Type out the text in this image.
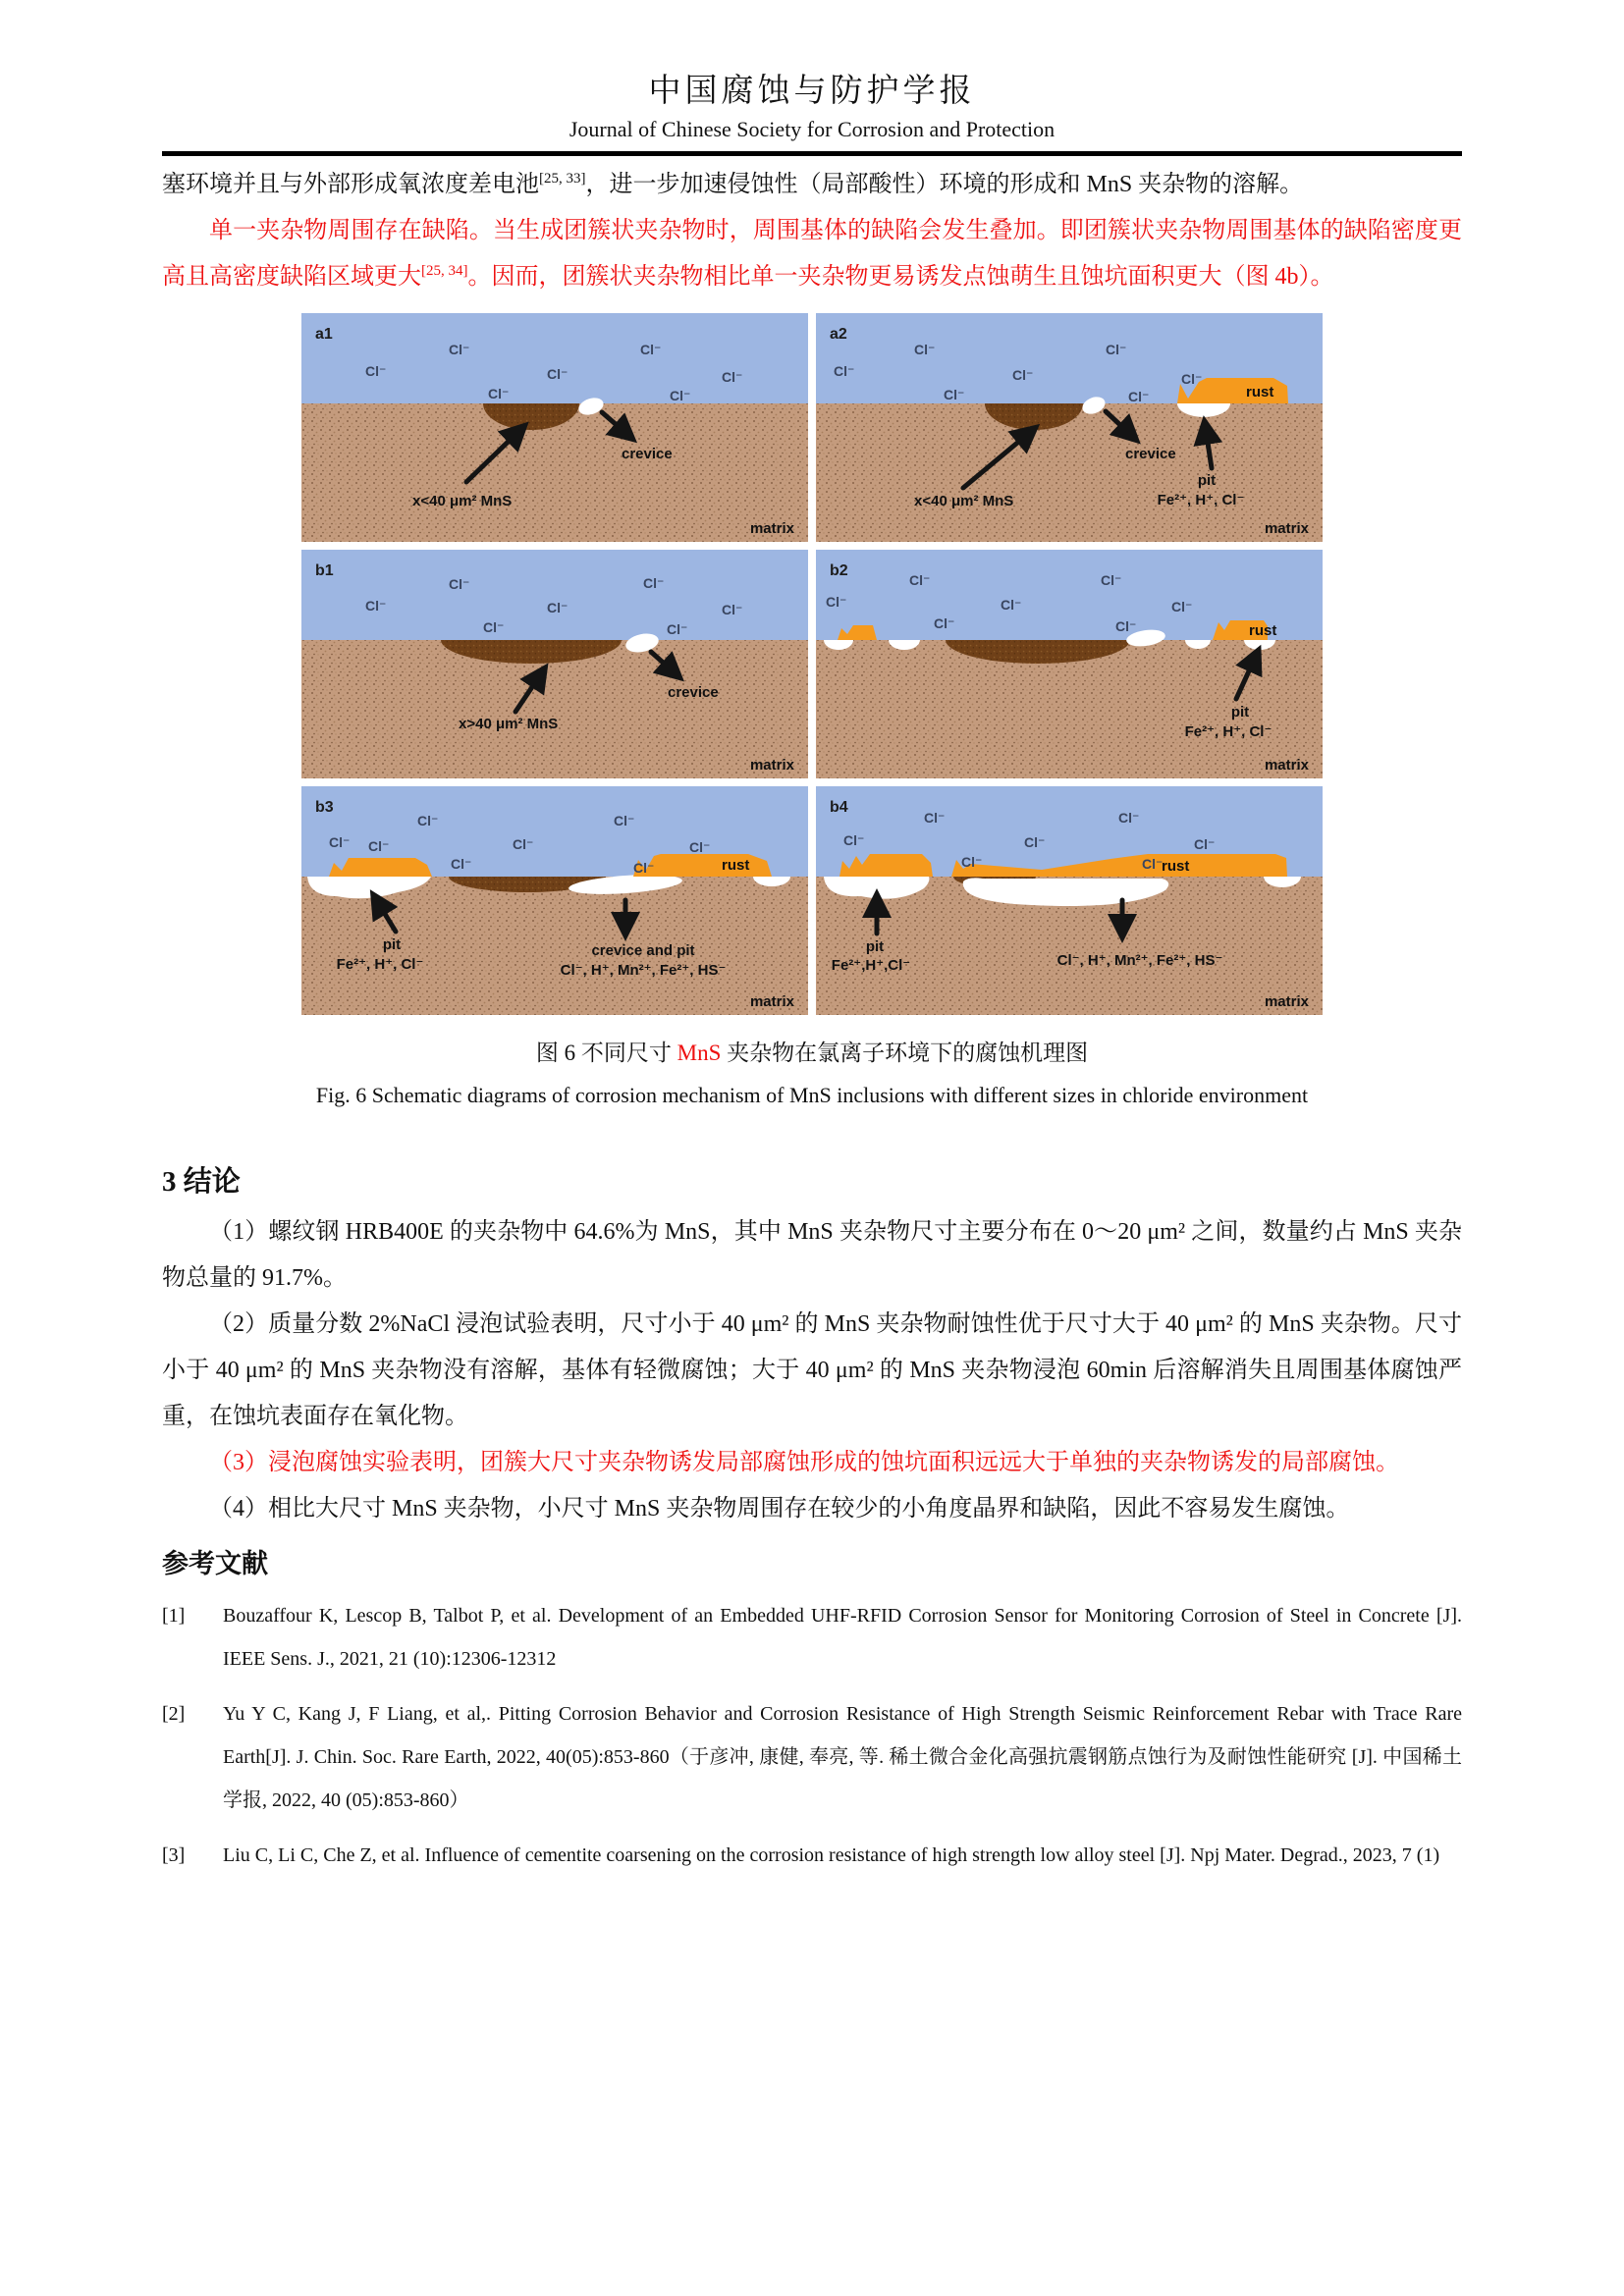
中国腐蚀与防护学报
Journal of Chinese Society for Corrosion and Protection

塞环境并且与外部形成氧浓度差电池[25, 33]，进一步加速侵蚀性（局部酸性）环境的形成和 MnS 夹杂物的溶解。

单一夹杂物周围存在缺陷。当生成团簇状夹杂物时，周围基体的缺陷会发生叠加。即团簇状夹杂物周围基体的缺陷密度更高且高密度缺陷区域更大[25, 34]。因而，团簇状夹杂物相比单一夹杂物更易诱发点蚀萌生且蚀坑面积更大（图 4b）。

a1
Cl⁻
Cl⁻	Cl⁻
Cl⁻
Cl⁻	Cl⁻
Cl⁻
x<40 μm² MnS
crevice
matrix
a2
Cl⁻	Cl⁻
Cl⁻	Cl⁻	Cl⁻
Cl⁻	Cl⁻
x<40 μm² MnS
crevice
rust
pit
Fe²⁺, H⁺, Cl⁻
matrix
b1
Cl⁻	Cl⁻
Cl⁻	Cl⁻	Cl⁻
Cl⁻	Cl⁻
x>40 μm² MnS
crevice
matrix
b2
Cl⁻	Cl⁻
Cl⁻	Cl⁻	Cl⁻
Cl⁻	Cl⁻	rust
pit
Fe²⁺, H⁺, Cl⁻
matrix
b3
Cl⁻	Cl⁻
Cl⁻ Cl⁻	Cl⁻	Cl⁻
Cl⁻	Cl⁻	rust
pit
Fe²⁺, H⁺, Cl⁻
crevice and pit
Cl⁻, H⁺, Mn²⁺, Fe²⁺, HS⁻
matrix
b4
Cl⁻	Cl⁻
Cl⁻	Cl⁻	Cl⁻
Cl⁻	Cl⁻
rust
pit
Fe²⁺,H⁺,Cl⁻	Cl⁻, H⁺, Mn²⁺, Fe²⁺, HS⁻
matrix
图 6 不同尺寸 MnS 夹杂物在氯离子环境下的腐蚀机理图
Fig. 6 Schematic diagrams of corrosion mechanism of MnS inclusions with different sizes in chloride environment
3 结论

（1）螺纹钢 HRB400E 的夹杂物中 64.6%为 MnS，其中 MnS 夹杂物尺寸主要分布在 0～20 μm² 之间，数量约占 MnS 夹杂物总量的 91.7%。

（2）质量分数 2%NaCl 浸泡试验表明，尺寸小于 40 μm² 的 MnS 夹杂物耐蚀性优于尺寸大于 40 μm² 的 MnS 夹杂物。尺寸小于 40 μm² 的 MnS 夹杂物没有溶解，基体有轻微腐蚀；大于 40 μm² 的 MnS 夹杂物浸泡 60min 后溶解消失且周围基体腐蚀严重，在蚀坑表面存在氧化物。

（3）浸泡腐蚀实验表明，团簇大尺寸夹杂物诱发局部腐蚀形成的蚀坑面积远远大于单独的夹杂物诱发的局部腐蚀。

（4）相比大尺寸 MnS 夹杂物，小尺寸 MnS 夹杂物周围存在较少的小角度晶界和缺陷，因此不容易发生腐蚀。

参考文献
[1]	Bouzaffour K, Lescop B, Talbot P, et al. Development of an Embedded UHF-RFID Corrosion Sensor for Monitoring Corrosion of Steel in Concrete [J]. IEEE Sens. J., 2021, 21 (10):12306-12312
[2]	Yu Y C, Kang J, F Liang, et al,. Pitting Corrosion Behavior and Corrosion Resistance of High Strength Seismic Reinforcement Rebar with Trace Rare Earth[J]. J. Chin. Soc. Rare Earth, 2022, 40(05):853-860（于彦冲, 康健, 奉亮, 等. 稀土微合金化高强抗震钢筋点蚀行为及耐蚀性能研究 [J]. 中国稀土学报, 2022, 40 (05):853-860）
[3]	Liu C, Li C, Che Z, et al. Influence of cementite coarsening on the corrosion resistance of high strength low alloy steel [J]. Npj Mater. Degrad., 2023, 7 (1)
